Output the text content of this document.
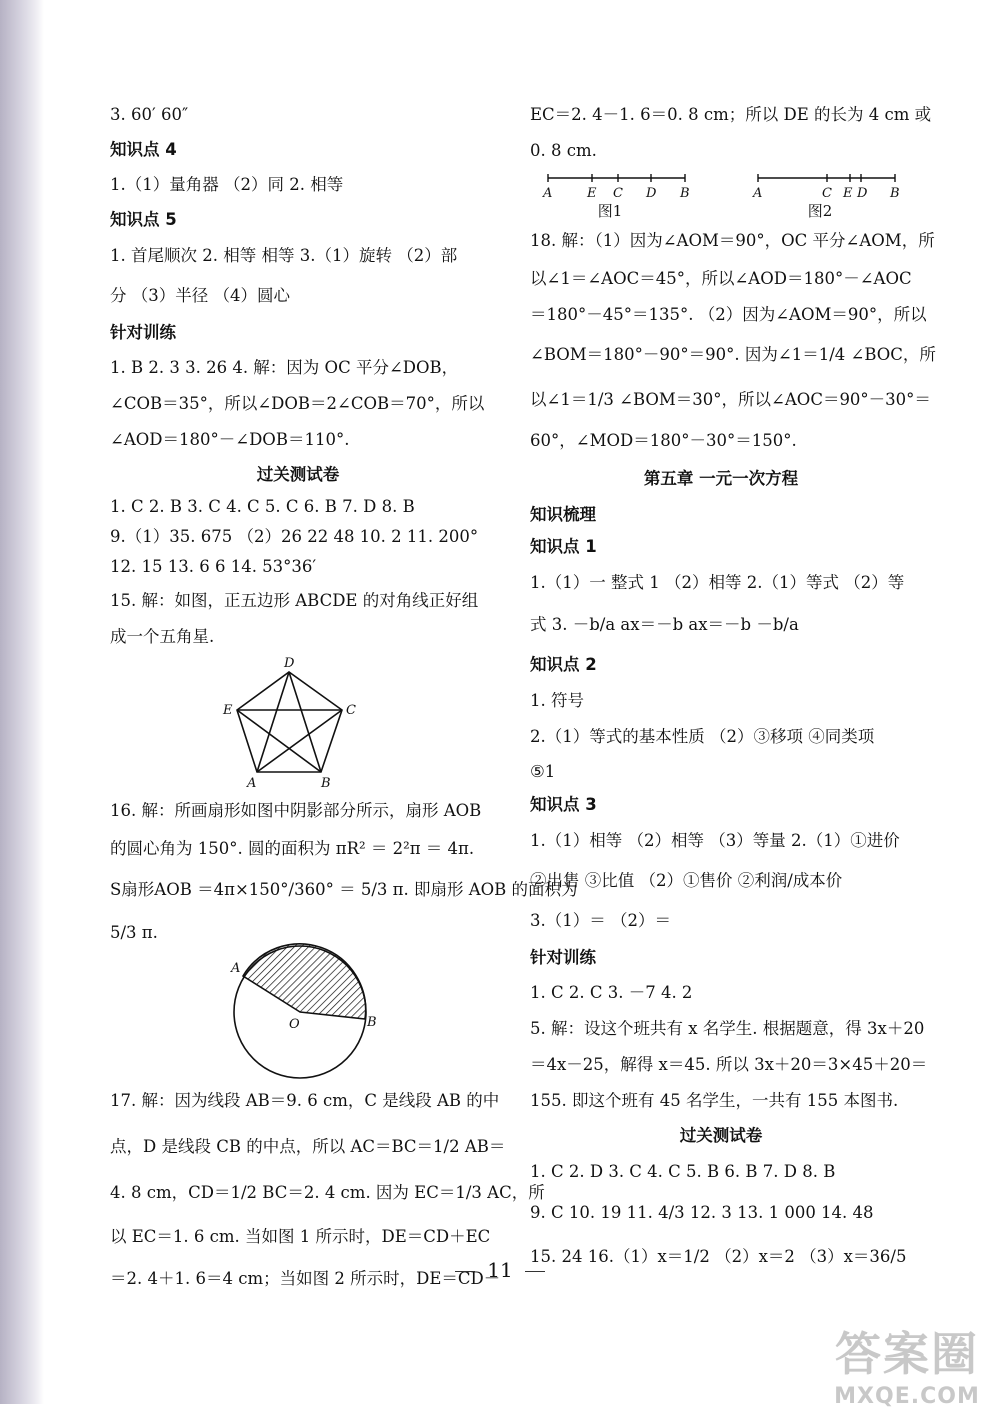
3. 60′ 60″

知识点 4

1.（1）量角器 （2）同 2. 相等

知识点 5

1. 首尾顺次 2. 相等 相等 3.（1）旋转 （2）部

分 （3）半径 （4）圆心

针对训练

1. B 2. 3 3. 26 4. 解：因为 OC 平分∠DOB，

∠COB＝35°，所以∠DOB＝2∠COB＝70°，所以

∠AOD＝180°－∠DOB＝110°.

过关测试卷

1. C 2. B 3. C 4. C 5. C 6. B 7. D 8. B

9.（1）35. 675 （2）26 22 48 10. 2 11. 200°

12. 15 13. 6 6 14. 53°36′

15. 解：如图，正五边形 ABCDE 的对角线正好组

成一个五角星.

A	B
C
D
E

16. 解：所画扇形如图中阴影部分所示，扇形 AOB

的圆心角为 150°. 圆的面积为 πR² ＝ 2²π ＝ 4π.

S扇形AOB ＝4π×150°/360° ＝ 5/3 π. 即扇形 AOB 的面积为

5/3 π.

A
O	B

17. 解：因为线段 AB＝9. 6 cm，C 是线段 AB 的中

点，D 是线段 CB 的中点，所以 AC＝BC＝1/2 AB＝

4. 8 cm，CD＝1/2 BC＝2. 4 cm. 因为 EC＝1/3 AC，所

以 EC＝1. 6 cm. 当如图 1 所示时，DE＝CD＋EC

＝2. 4＋1. 6＝4 cm；当如图 2 所示时，DE＝CD－

EC＝2. 4－1. 6＝0. 8 cm；所以 DE 的长为 4 cm 或

0. 8 cm.

A	E C D B
图1
A	C E D B
图2

18. 解：（1）因为∠AOM＝90°，OC 平分∠AOM，所

以∠1＝∠AOC＝45°，所以∠AOD＝180°－∠AOC

＝180°－45°＝135°. （2）因为∠AOM＝90°，所以

∠BOM＝180°－90°＝90°. 因为∠1＝1/4 ∠BOC，所

以∠1＝1/3 ∠BOM＝30°，所以∠AOC＝90°－30°＝

60°，∠MOD＝180°－30°＝150°.

第五章 一元一次方程

知识梳理

知识点 1

1.（1）一 整式 1 （2）相等 2.（1）等式 （2）等

式 3. －b/a ax＝－b ax＝－b －b/a

知识点 2

1. 符号

2.（1）等式的基本性质 （2）③移项 ④同类项

⑤1

知识点 3

1.（1）相等 （2）相等 （3）等量 2.（1）①进价

②出售 ③比值 （2）①售价 ②利润/成本价

3.（1）＝ （2）＝

针对训练

1. C 2. C 3. －7 4. 2

5. 解：设这个班共有 x 名学生. 根据题意，得 3x＋20

＝4x－25，解得 x＝45. 所以 3x＋20＝3×45＋20＝

155. 即这个班有 45 名学生，一共有 155 本图书.

过关测试卷

1. C 2. D 3. C 4. C 5. B 6. B 7. D 8. B

9. C 10. 19 11. 4/3 12. 3 13. 1 000 14. 48

15. 24 16.（1）x＝1/2 （2）x＝2 （3）x＝36/5

11
答案圈
MXQE.COM
